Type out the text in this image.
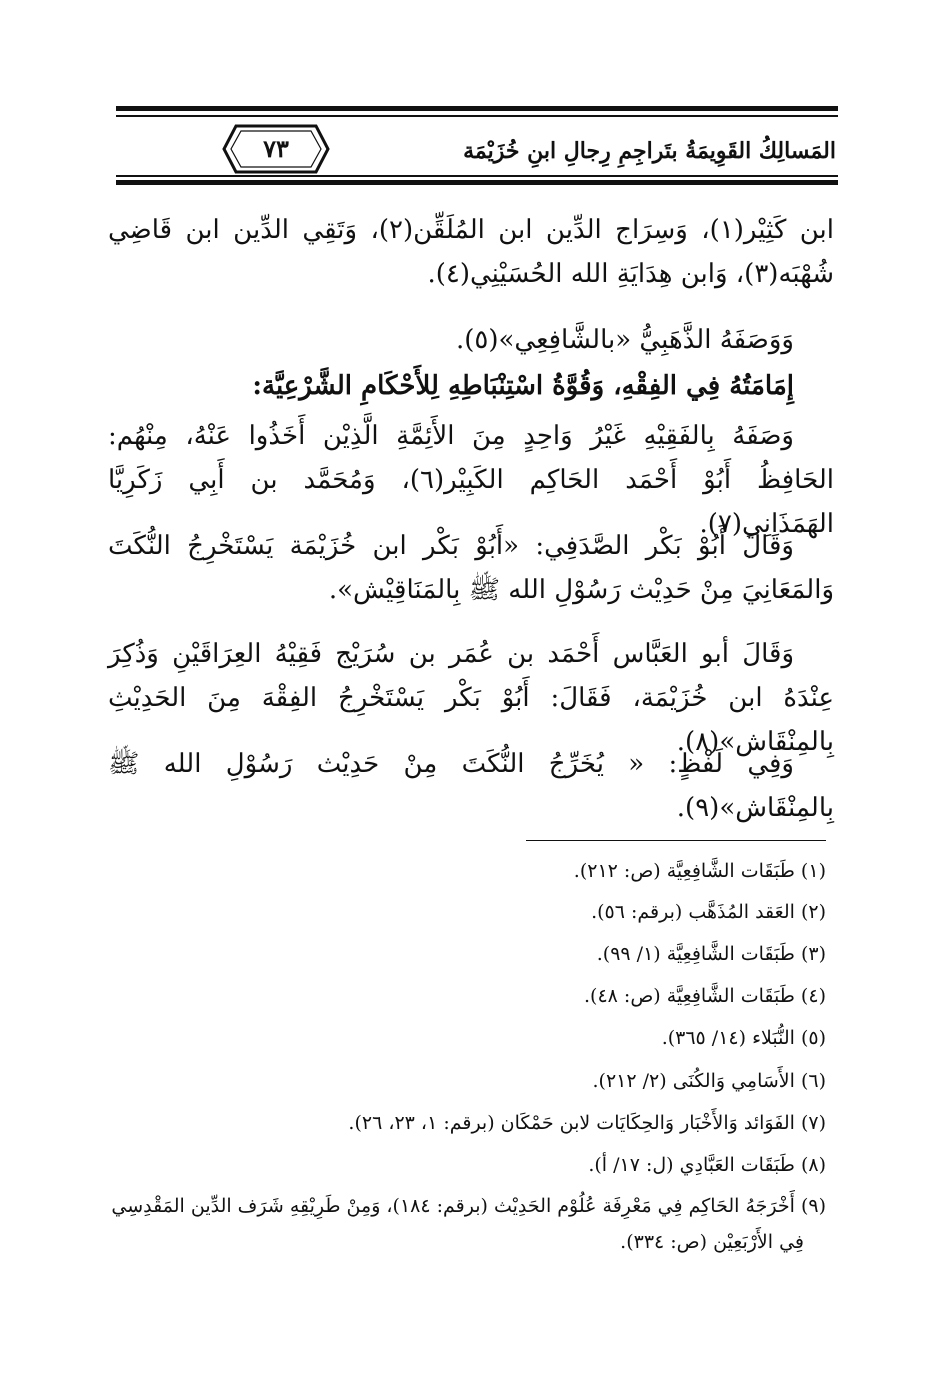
المَسالِكُ القَوِيمَةُ بتَراجِمِ رِجالِ ابنِ خُزَيْمَة
٧٣

ابن كَثِيْر(١)، وَسِرَاج الدِّين ابن المُلَقِّن(٢)، وَتَقِي الدِّين ابن قَاضِي شُهْبَه(٣)، وَابن هِدَايَةِ الله الحُسَيْنِي(٤).

وَوَصَفَهُ الذَّهَبِيُّ «بالشَّافِعِي»(٥).

إِمَامَتُهُ فِي الفِقْهِ، وَقُوَّةُ اسْتِنْبَاطِهِ لِلأَحْكَامِ الشَّرْعِيَّة:

وَصَفَهُ بِالفَقِيْهِ غَيْرُ وَاحِدٍ مِنَ الأَئِمَّةِ الَّذِيْن أَخَذُوا عَنْهُ، مِنْهُم: الحَافِظُ أَبُوْ أَحْمَد الحَاكِم الكَبِيْر(٦)، وَمُحَمَّد بن أَبِي زَكَرِيَّا الهَمَذَانِي(٧).

وَقَالَ أَبُوْ بَكْر الصَّدَفِي: «أَبُوْ بَكْر ابن خُزَيْمَة يَسْتَخْرِجُ النُّكَتَ وَالمَعَانِيَ مِنْ حَدِيْث رَسُوْلِ الله ﷺ بِالمَنَاقِيْش».

وَقَالَ أبو العَبَّاس أَحْمَد بن عُمَر بن سُرَيْج فَقِيْهُ العِرَاقَيْنِ وَذُكِرَ عِنْدَهُ ابن خُزَيْمَة، فَقَالَ: أَبُوْ بَكْر يَسْتَخْرِجُ الفِقْهَ مِنَ الحَدِيْثِ بِالمِنْقَاش»(٨).

وَفِي لَفْظٍ: « يُخَرِّجُ النُّكَتَ مِنْ حَدِيْث رَسُوْلِ الله ﷺ بِالمِنْقَاش»(٩).

(١) طَبَقَات الشَّافِعِيَّة (ص: ٢١٢).

(٢) العَقد المُذَهَّب (برقم: ٥٦).

(٣) طَبَقَات الشَّافِعِيَّة (١/ ٩٩).

(٤) طَبَقَات الشَّافِعِيَّة (ص: ٤٨).

(٥) النُّبَلاء (١٤/ ٣٦٥).

(٦) الأَسَامِي وَالكُنَى (٢/ ٢١٢).

(٧) الفَوَائد وَالأَخْبَار وَالحِكَايَات لابن حَمْكَان (برقم: ١، ٢٣، ٢٦).

(٨) طَبَقَات العَبَّادِي (ل: ١٧/ أ).

(٩) أَخْرَجَهُ الحَاكِم فِي مَعْرِفَة عُلُوْم الحَدِيْث (برقم: ١٨٤)، وَمِنْ طَرِيْقِهِ شَرَف الدِّين المَقْدِسِي فِي الأَرْبَعِيْن (ص: ٣٣٤).
